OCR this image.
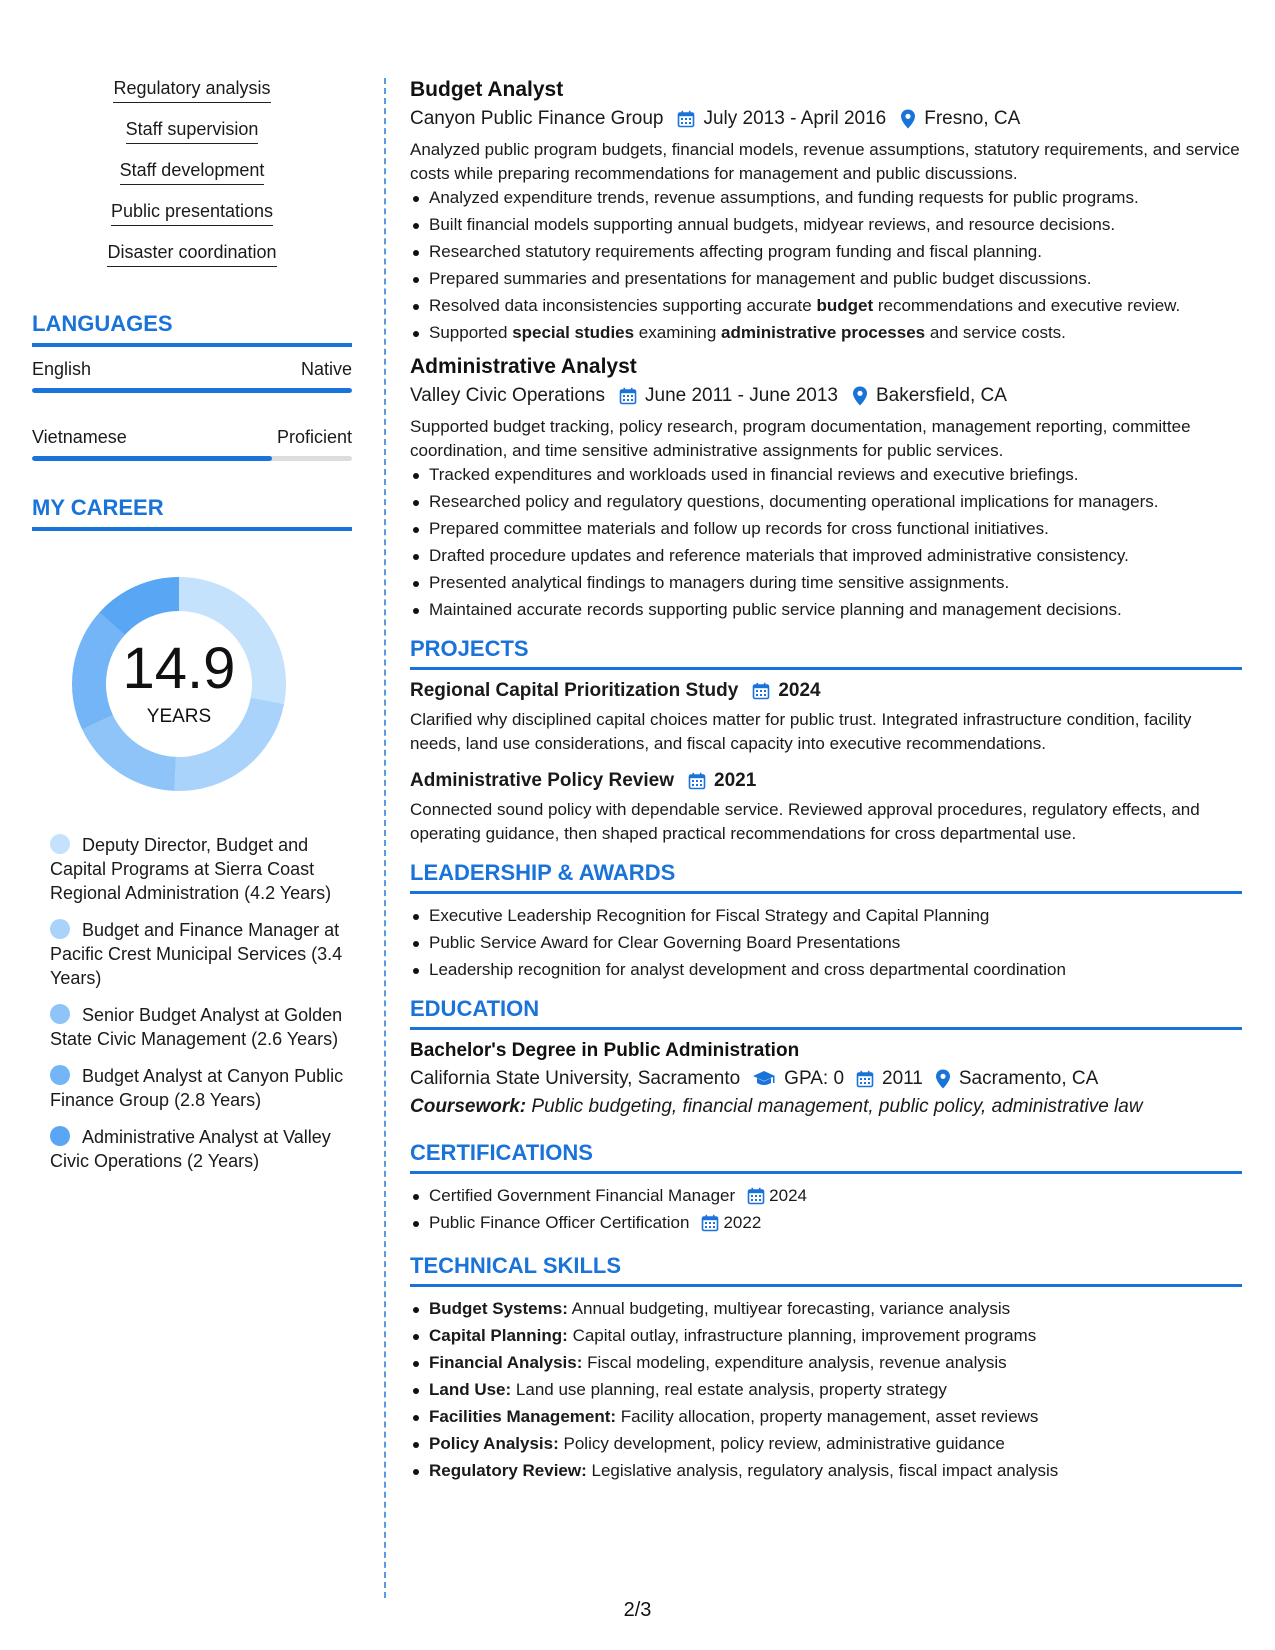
Regulatory analysis
Staff supervision
Staff development
Public presentations
Disaster coordination
LANGUAGES
English	Native
Vietnamese	Proficient
MY CAREER
14.9
YEARS
Deputy Director, Budget and Capital Programs at Sierra Coast Regional Administration (4.2 Years)
Budget and Finance Manager at Pacific Crest Municipal Services (3.4 Years)
Senior Budget Analyst at Golden State Civic Management (2.6 Years)
Budget Analyst at Canyon Public Finance Group (2.8 Years)
Administrative Analyst at Valley Civic Operations (2 Years)
Budget Analyst
Canyon Public Finance Group July 2013 - April 2016 Fresno, CA

Analyzed public program budgets, financial models, revenue assumptions, statutory requirements, and service costs while preparing recommendations for management and public discussions.

Analyzed expenditure trends, revenue assumptions, and funding requests for public programs.
Built financial models supporting annual budgets, midyear reviews, and resource decisions.
Researched statutory requirements affecting program funding and fiscal planning.
Prepared summaries and presentations for management and public budget discussions.
Resolved data inconsistencies supporting accurate budget recommendations and executive review.
Supported special studies examining administrative processes and service costs.
Administrative Analyst
Valley Civic Operations June 2011 - June 2013 Bakersfield, CA

Supported budget tracking, policy research, program documentation, management reporting, committee coordination, and time sensitive administrative assignments for public services.

Tracked expenditures and workloads used in financial reviews and executive briefings.
Researched policy and regulatory questions, documenting operational implications for managers.
Prepared committee materials and follow up records for cross functional initiatives.
Drafted procedure updates and reference materials that improved administrative consistency.
Presented analytical findings to managers during time sensitive assignments.
Maintained accurate records supporting public service planning and management decisions.
PROJECTS
Regional Capital Prioritization Study 2024

Clarified why disciplined capital choices matter for public trust. Integrated infrastructure condition, facility needs, land use considerations, and fiscal capacity into executive recommendations.

Administrative Policy Review 2021

Connected sound policy with dependable service. Reviewed approval procedures, regulatory effects, and operating guidance, then shaped practical recommendations for cross departmental use.

LEADERSHIP & AWARDS
Executive Leadership Recognition for Fiscal Strategy and Capital Planning
Public Service Award for Clear Governing Board Presentations
Leadership recognition for analyst development and cross departmental coordination
EDUCATION
Bachelor's Degree in Public Administration
California State University, Sacramento GPA: 0 2011 Sacramento, CA
Coursework: Public budgeting, financial management, public policy, administrative law
CERTIFICATIONS
Certified Government Financial Manager 2024
Public Finance Officer Certification 2022
TECHNICAL SKILLS
Budget Systems: Annual budgeting, multiyear forecasting, variance analysis
Capital Planning: Capital outlay, infrastructure planning, improvement programs
Financial Analysis: Fiscal modeling, expenditure analysis, revenue analysis
Land Use: Land use planning, real estate analysis, property strategy
Facilities Management: Facility allocation, property management, asset reviews
Policy Analysis: Policy development, policy review, administrative guidance
Regulatory Review: Legislative analysis, regulatory analysis, fiscal impact analysis
2/3
